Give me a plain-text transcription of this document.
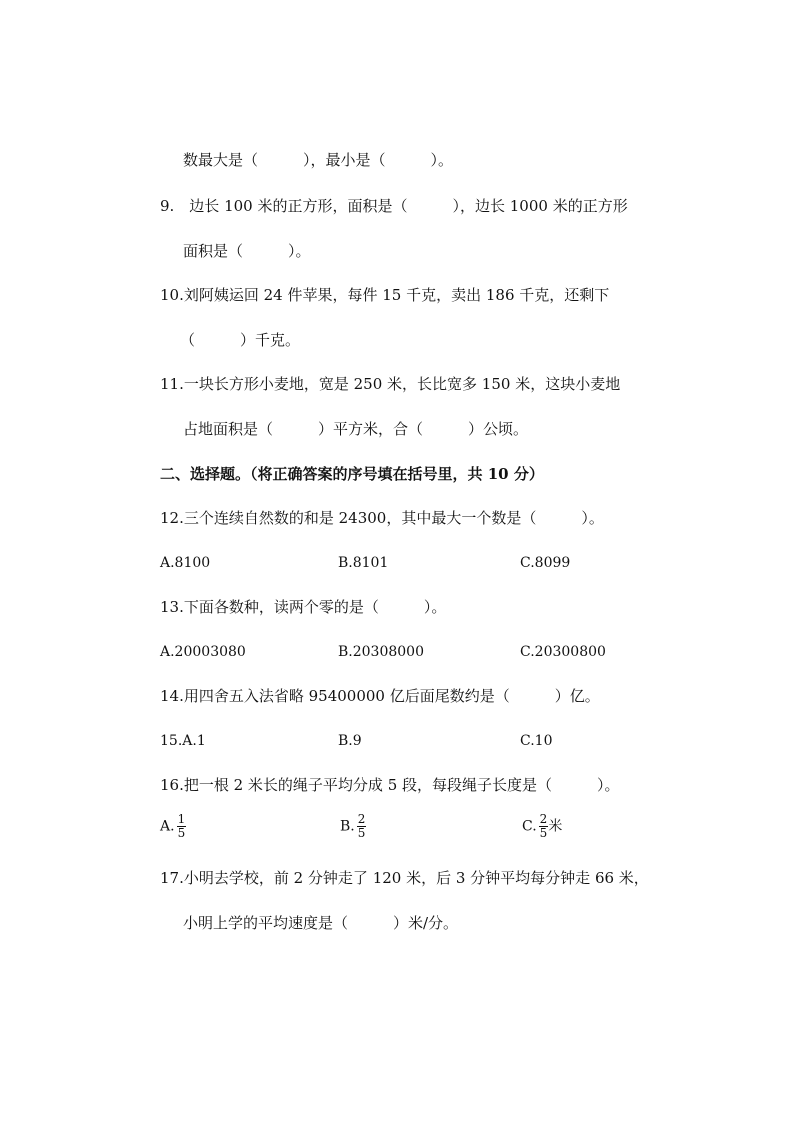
数最大是（　　　），最小是（　　　）。
9.　边长 100 米的正方形，面积是（　　　），边长 1000 米的正方形
面积是（　　　）。
10.刘阿姨运回 24 件苹果，每件 15 千克，卖出 186 千克，还剩下
（　　　）千克。
11.一块长方形小麦地，宽是 250 米，长比宽多 150 米，这块小麦地
占地面积是（　　　）平方米，合（　　　）公顷。
二、选择题。（将正确答案的序号填在括号里，共 10 分）
12.三个连续自然数的和是 24300，其中最大一个数是（　　　）。
A.8100	B.8101	C.8099
13.下面各数种，读两个零的是（　　　）。
A.20003080	B.20308000	C.20300800
14.用四舍五入法省略 95400000 亿后面尾数约是（　　　）亿。
15.A.1	B.9	C.10
16.把一根 2 米长的绳子平均分成 5 段，每段绳子长度是（　　　）。
A. $\frac{1}{5}$	B. $\frac{2}{5}$	C. $\frac{2}{5}$ 米
17.小明去学校，前 2 分钟走了 120 米，后 3 分钟平均每分钟走 66 米，
小明上学的平均速度是（　　　）米/分。
